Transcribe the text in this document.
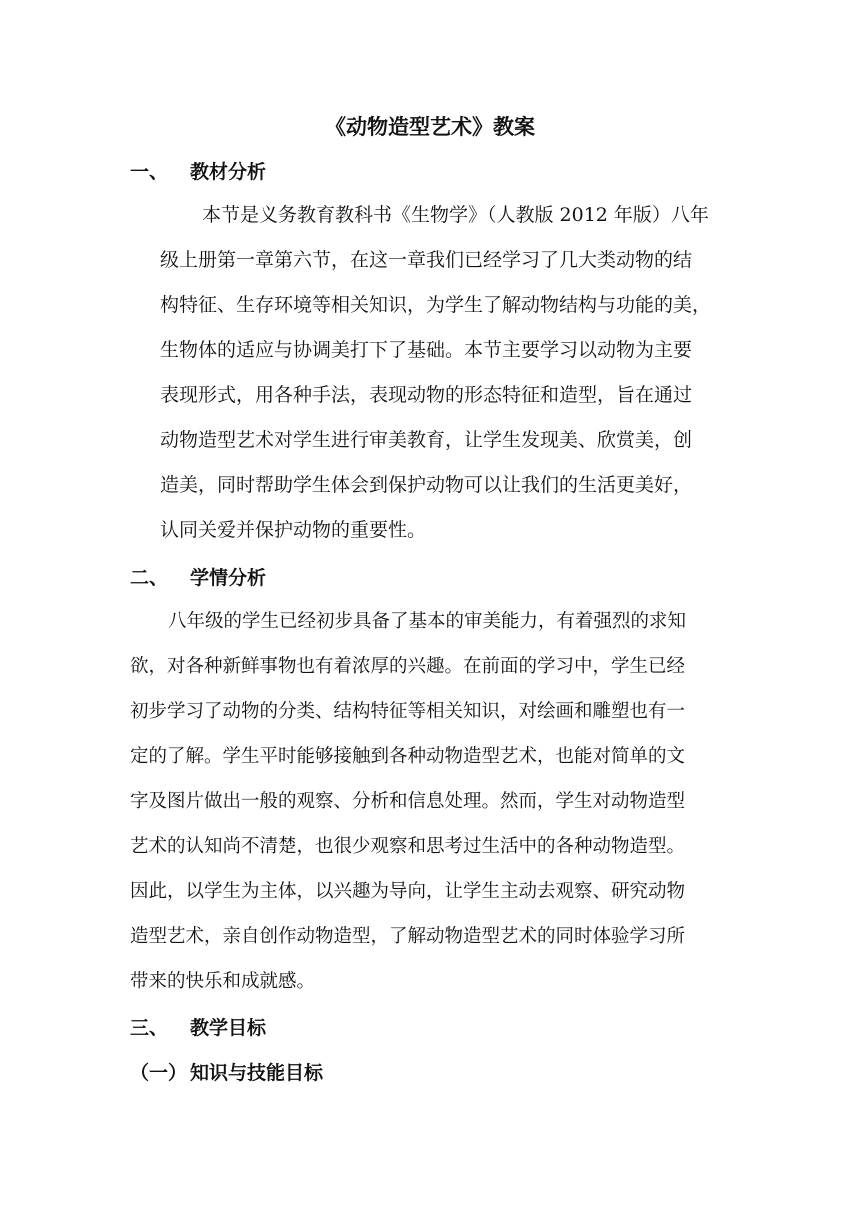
《动物造型艺术》教案
一、 教材分析
本节是义务教育教科书《生物学》（人教版 2012 年版）八年
级上册第一章第六节，在这一章我们已经学习了几大类动物的结
构特征、生存环境等相关知识，为学生了解动物结构与功能的美，
生物体的适应与协调美打下了基础。本节主要学习以动物为主要
表现形式，用各种手法，表现动物的形态特征和造型，旨在通过
动物造型艺术对学生进行审美教育，让学生发现美、欣赏美，创
造美，同时帮助学生体会到保护动物可以让我们的生活更美好，
认同关爱并保护动物的重要性。
二、 学情分析
八年级的学生已经初步具备了基本的审美能力，有着强烈的求知
欲，对各种新鲜事物也有着浓厚的兴趣。在前面的学习中，学生已经
初步学习了动物的分类、结构特征等相关知识，对绘画和雕塑也有一
定的了解。学生平时能够接触到各种动物造型艺术，也能对简单的文
字及图片做出一般的观察、分析和信息处理。然而，学生对动物造型
艺术的认知尚不清楚，也很少观察和思考过生活中的各种动物造型。
因此，以学生为主体，以兴趣为导向，让学生主动去观察、研究动物
造型艺术，亲自创作动物造型，了解动物造型艺术的同时体验学习所
带来的快乐和成就感。
三、 教学目标
（一） 知识与技能目标
